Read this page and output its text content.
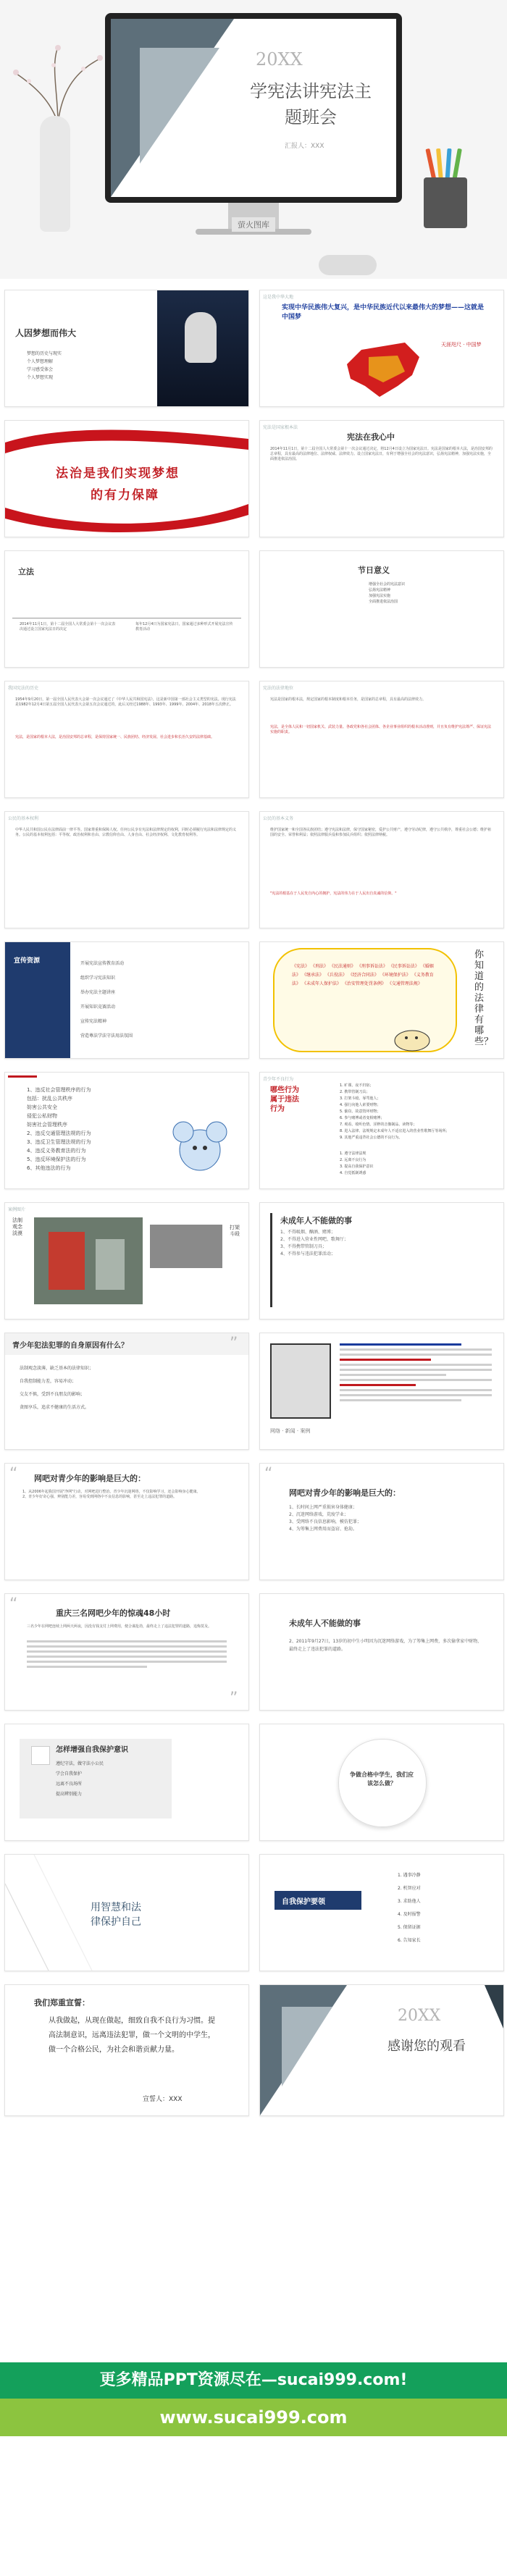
20XX
学宪法讲宪法主题班会
汇报人：XXX
萤火图库
人因梦想而伟大
梦想的历史与现实
个人梦想理解
学习感受体会
个人梦想实现
这是我中华大地
实现中华民族伟大复兴，是中华民族近代以来最伟大的梦想——这就是中国梦
天涯咫尺 · 中国梦
法治是我们实现梦想
的有力保障
宪法是国家根本法
宪法在我心中
2014年11月1日，第十二届全国人大常委会第十一次会议通过决定，将12月4日设立为国家宪法日。宪法是国家的根本大法，是治国安邦的总章程，具有最高的法律地位、法律权威、法律效力。设立国家宪法日，有利于增强全社会的宪法意识，弘扬宪法精神，加强宪法实施，全面推进依法治国。
立法
2014年11月1日，第十二届全国人大常委会第十一次会议表决通过设立国家宪法日的决定
每年12月4日为国家宪法日，国家通过多种形式开展宪法宣传教育活动
节日意义
增强全社会的宪法意识
弘扬宪法精神
加强宪法实施
全面推进依法治国
我国宪法的历史
1954年9月20日，第一届全国人民代表大会第一次会议通过了《中华人民共和国宪法》，这是新中国第一部社会主义类型的宪法。现行宪法是1982年12月4日第五届全国人民代表大会第五次会议通过的，此后又经过1988年、1993年、1999年、2004年、2018年五次修正。
宪法，是国家的根本大法，是治国安邦的总章程，是保持国家统一、民族团结、经济发展、社会进步和长治久安的法律基础。
宪法的法律地位
宪法是国家的根本法，规定国家的根本制度和根本任务，是国家的总章程，具有最高的法律效力。
宪法，是全体人民和一切国家机关、武装力量、各政党和各社会团体、各企业事业组织的根本活动准则，并且负有维护宪法尊严、保证宪法实施的职责。
公民的基本权利
中华人民共和国公民在法律面前一律平等。国家尊重和保障人权。任何公民享有宪法和法律规定的权利，同时必须履行宪法和法律规定的义务。公民的基本权利包括：平等权、政治权利和自由、宗教信仰自由、人身自由、社会经济权利、文化教育权利等。
公民的基本义务
维护国家统一和全国各民族团结；遵守宪法和法律，保守国家秘密，爱护公共财产，遵守劳动纪律，遵守公共秩序，尊重社会公德；维护祖国的安全、荣誉和利益；依照法律服兵役和参加民兵组织；依照法律纳税。
"宪法的根基在于人民发自内心的拥护，宪法的伟力在于人民出自真诚的信仰。"
宣传资源	开展宪法宣传教育活动
组织学习宪法知识
举办宪法主题讲座
开展知识竞赛活动
宣传宪法精神
营造尊法学法守法用法氛围
《宪法》 《刑法》 《民法通则》 《刑事诉讼法》 《民事诉讼法》 《婚姻法》 《继承法》 《兵役法》 《经济合同法》 《环境保护法》 《义务教育法》 《未成年人保护法》 《治安管理处罚条例》 《交通管理法规》
你知道的法律有哪些？
1、违反社会管理秩序的行为
包括：扰乱公共秩序
妨害公共安全
侵犯公私财物
妨害社会管理秩序
2、违反交通管理法规的行为
3、违反卫生管理法规的行为
4、违反义务教育法的行为
5、违反环境保护法的行为
6、其他违法的行为
青少年不良行为
哪些行为属于违法行为
1. 旷课、夜不归宿；
2. 携带管制刀具；
3. 打架斗殴、辱骂他人；
4. 强行向他人索要财物；
5. 偷窃、故意毁坏财物；
6. 参与赌博或者变相赌博；
7. 观看、收听色情、淫秽的音像制品、读物等；
8. 进入法律、法规规定未成年人不适宜进入的营业性歌舞厅等场所；
9. 其他严重违背社会公德的不良行为。
1. 遵守法律法规
2. 远离不良行为
3. 提高自我保护意识
4. 自觉抵制诱惑
案例图片
法制观念淡漠
打架斗殴
未成年人不能做的事
1、不得吸烟、酗酒、赌博；
2、不得进入营业性网吧、歌舞厅；
3、不得携带管制刀具；
4、不得参与违法犯罪活动；
青少年犯法犯罪的自身原因有什么？	”
法制观念淡薄，缺乏基本的法律知识；
自我控制能力差，容易冲动；
交友不慎，受到不良朋友的影响；
贪图享乐，追求不健康的生活方式。
网络 · 新闻 · 案例
“ 网吧对青少年的影响是巨大的：
1、从2006年起我国开展"净网"行动，对网吧进行整治。青少年沉迷网络，不仅影响学习，还会影响身心健康。
2、青少年好奇心强，辨别能力差，容易受到网络中不良信息的影响，甚至走上违法犯罪的道路。
“
网吧对青少年的影响是巨大的：
1、长时间上网严重损害身体健康；
2、沉迷网络游戏，荒废学业；
3、受网络不良信息影响，模仿犯罪；
4、为筹集上网费用而盗窃、抢劫。
“	重庆三名网吧少年的惊魂48小时
三名少年在网吧连续上网两天两夜，因没有钱支付上网费用，便合谋抢劫，最终走上了违法犯罪的道路，追悔莫及。
”
未成年人不能做的事
2、2011年9月27日，13岁的初中生小明因为沉迷网络游戏，为了筹集上网费，多次偷拿家中财物，最终走上了违法犯罪的道路。
怎样增强自我保护意识
遵纪守法，做守法小公民
学会自我保护
远离不良场所
提高辨别能力
争做合格中学生，我们应该怎么做？
用智慧和法
律保护自己
自我保护要领
1. 遇事冷静
2. 机智应对
3. 求助他人
4. 及时报警
5. 保留证据
6. 告知家长
我们郑重宣誓：
从我做起，从现在做起，细致自我不良行为习惯。提高法制意识，远离违法犯罪，做一个文明的中学生，做一个合格公民，为社会和谐贡献力量。
宣誓人：XXX
20XX
感谢您的观看
更多精品PPT资源尽在—sucai999.com!
www.sucai999.com
